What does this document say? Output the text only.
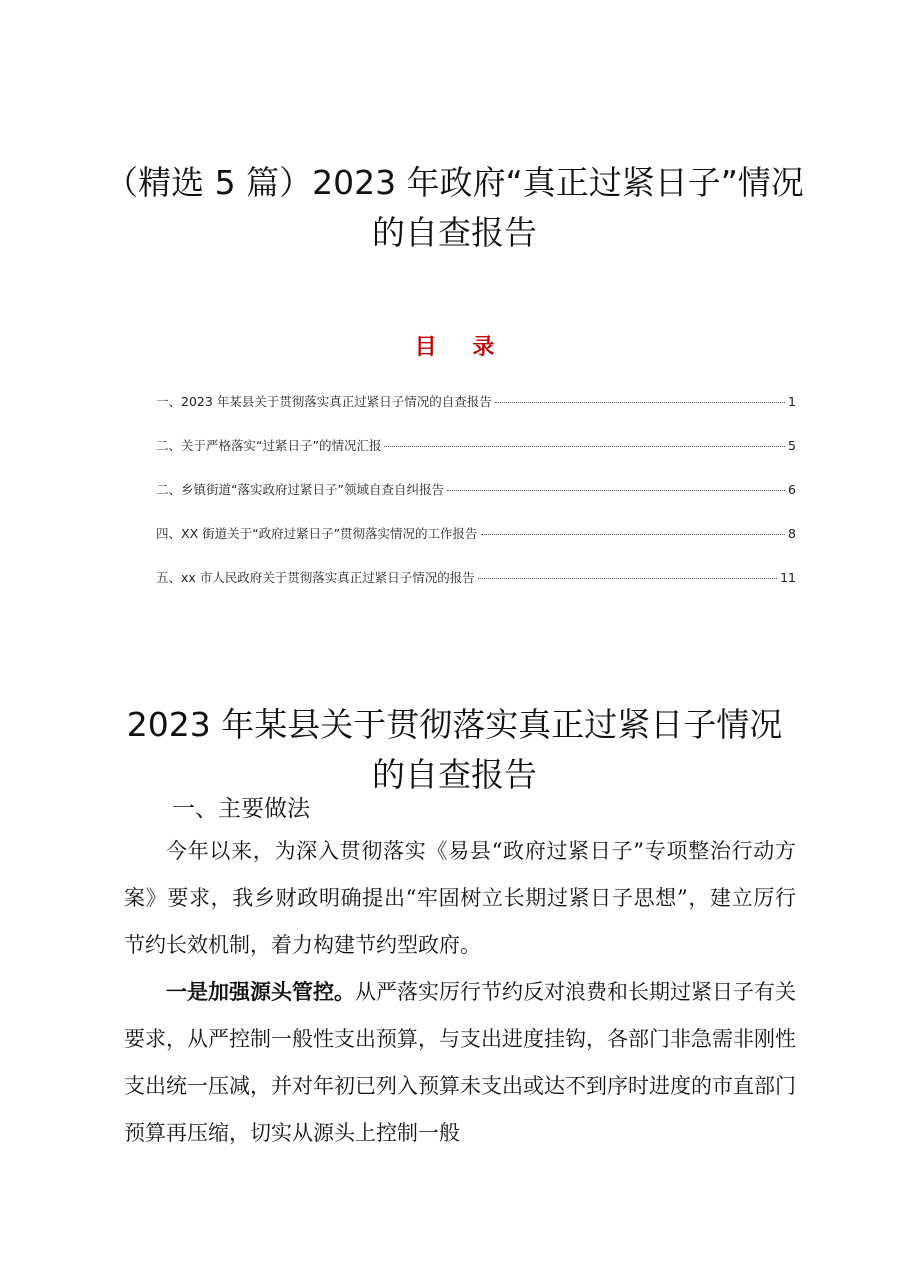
（精选 5 篇）2023 年政府“真正过紧日子”情况
的自查报告
目 录
一、2023 年某县关于贯彻落实真正过紧日子情况的自查报告	1
二、关于严格落实“过紧日子”的情况汇报	5
二、乡镇街道“落实政府过紧日子”领域自查自纠报告	6
四、XX 街道关于“政府过紧日子”贯彻落实情况的工作报告	8
五、xx 市人民政府关于贯彻落实真正过紧日子情况的报告	11
2023 年某县关于贯彻落实真正过紧日子情况
的自查报告
一、主要做法

今年以来，为深入贯彻落实《易县“政府过紧日子”专项整治行动方案》要求，我乡财政明确提出“牢固树立长期过紧日子思想”，建立厉行节约长效机制，着力构建节约型政府。

一是加强源头管控。从严落实厉行节约反对浪费和长期过紧日子有关要求，从严控制一般性支出预算，与支出进度挂钩，各部门非急需非刚性支出统一压减，并对年初已列入预算未支出或达不到序时进度的市直部门预算再压缩，切实从源头上控制一般
